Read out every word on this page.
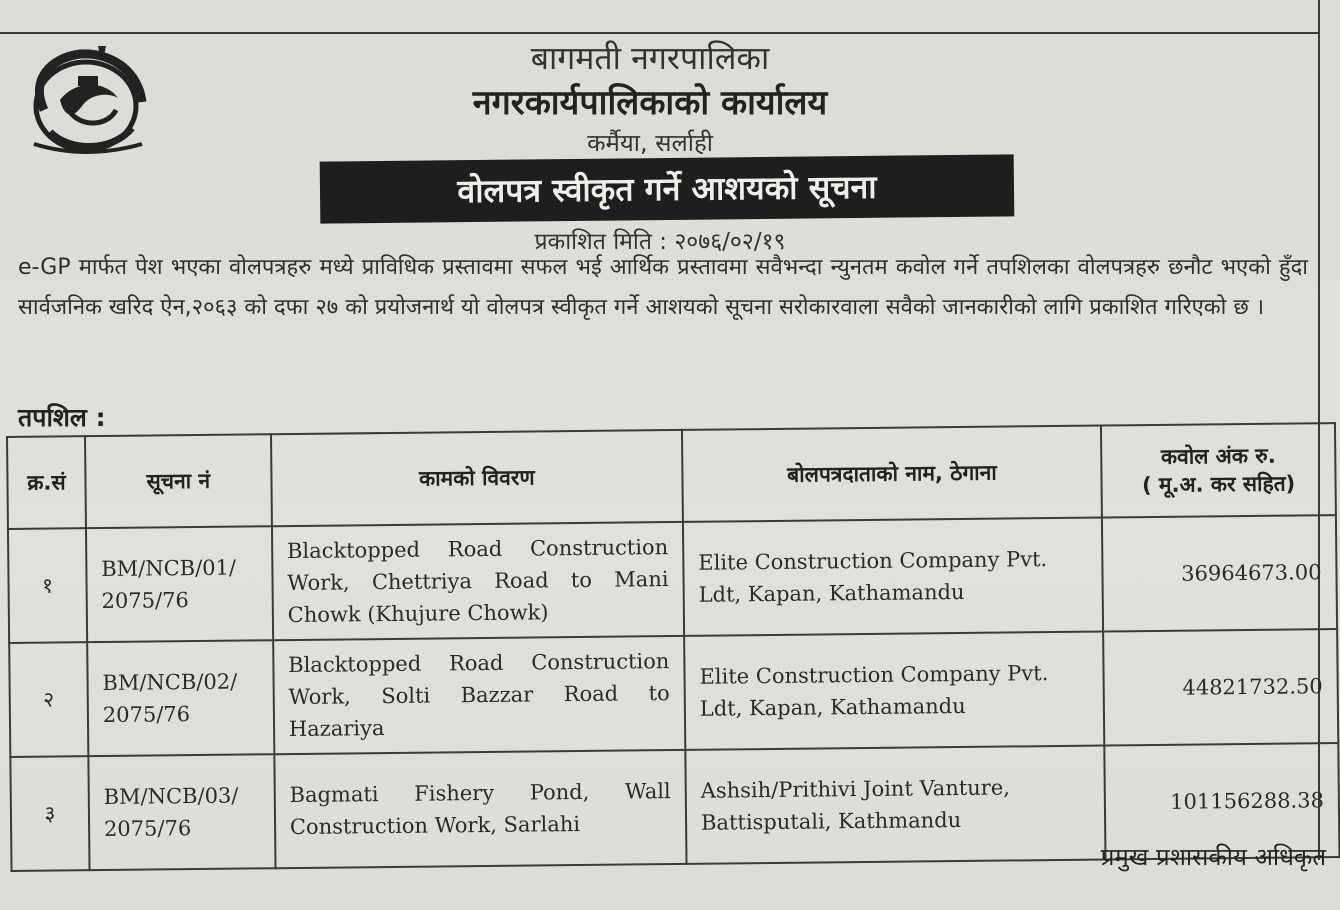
बागमती नगरपालिका
नगरकार्यपालिकाको कार्यालय
कर्मैया, सर्लाही
वोलपत्र स्वीकृत गर्ने आशयको सूचना
प्रकाशित मिति : २०७६/०२/१९
e-GP मार्फत पेश भएका वोलपत्रहरु मध्ये प्राविधिक प्रस्तावमा सफल भई आर्थिक प्रस्तावमा सवैभन्दा न्युनतम कवोल गर्ने तपशिलका वोलपत्रहरु छनौट भएको हुँदा सार्वजनिक खरिद ऐन,२०६३ को दफा २७ को प्रयोजनार्थ यो वोलपत्र स्वीकृत गर्ने आशयको सूचना सरोकारवाला सवैको जानकारीको लागि प्रकाशित गरिएको छ ।
तपशिल :
क्र.सं	सूचना नं	कामको विवरण	बोलपत्रदाताको नाम, ठेगाना	कवोल अंक रु.
( मू.अ. कर सहित)

१	BM/NCB/01/ 2075/76	Blacktopped Road Construction Work, Chettriya Road to Mani Chowk (Khujure Chowk)	Elite Construction Company Pvt. Ldt, Kapan, Kathamandu	36964673.00
२	BM/NCB/02/ 2075/76	Blacktopped Road Construction Work, Solti Bazzar Road to Hazariya	Elite Construction Company Pvt. Ldt, Kapan, Kathamandu	44821732.50
३	BM/NCB/03/ 2075/76	Bagmati Fishery Pond, Wall Construction Work, Sarlahi	Ashsih/Prithivi Joint Vanture, Battisputali, Kathmandu	101156288.38
प्रमुख प्रशासकीय अधिकृत
